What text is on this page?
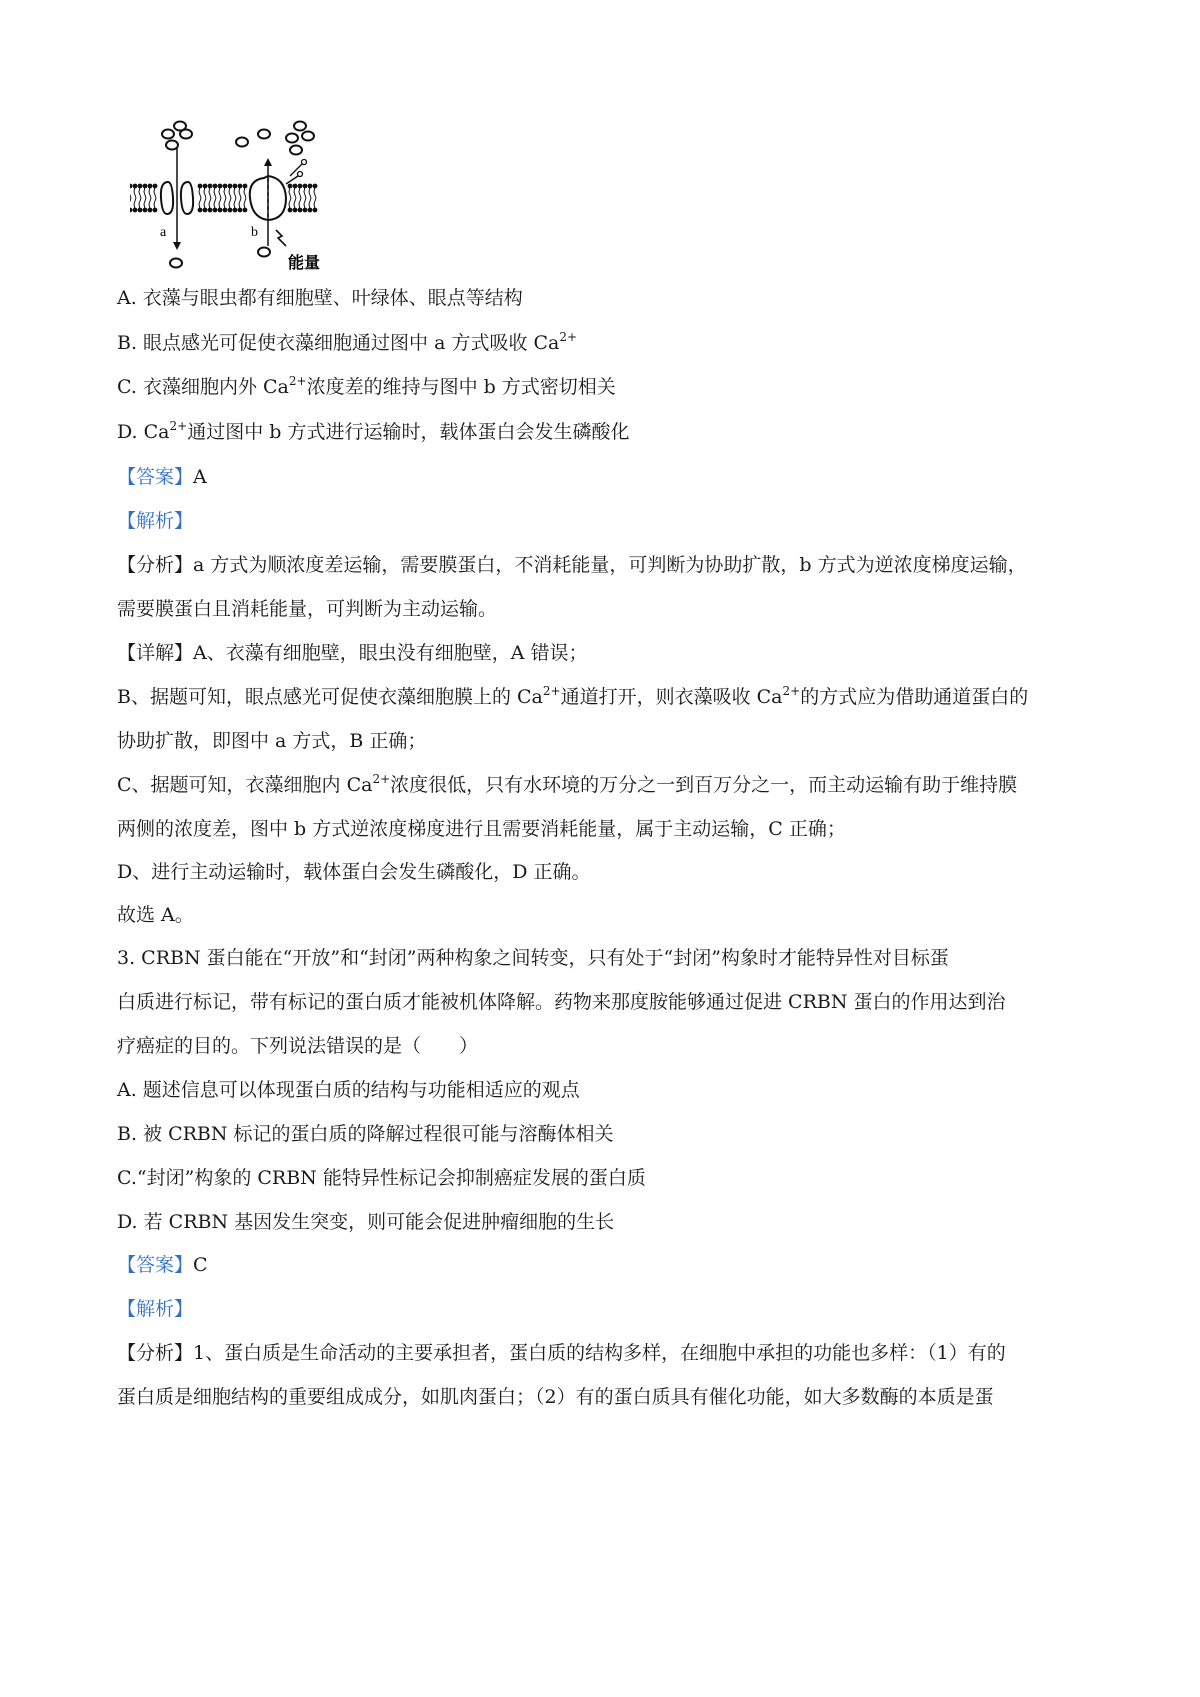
a	b
能量
A. 衣藻与眼虫都有细胞壁、叶绿体、眼点等结构
B. 眼点感光可促使衣藻细胞通过图中 a 方式吸收 $Ca^{2+}$
C. 衣藻细胞内外 $Ca^{2+}$浓度差的维持与图中 b 方式密切相关
D. $Ca^{2+}$通过图中 b 方式进行运输时，载体蛋白会发生磷酸化
【答案】A
【解析】
【分析】a 方式为顺浓度差运输，需要膜蛋白，不消耗能量，可判断为协助扩散，b 方式为逆浓度梯度运输，
需要膜蛋白且消耗能量，可判断为主动运输。
【详解】A、衣藻有细胞壁，眼虫没有细胞壁，A 错误；
B、据题可知，眼点感光可促使衣藻细胞膜上的 $Ca^{2+}$通道打开，则衣藻吸收 $Ca^{2+}$的方式应为借助通道蛋白的
协助扩散，即图中 a 方式，B 正确；
C、据题可知，衣藻细胞内 $Ca^{2+}$浓度很低，只有水环境的万分之一到百万分之一，而主动运输有助于维持膜
两侧的浓度差，图中 b 方式逆浓度梯度进行且需要消耗能量，属于主动运输，C 正确；
D、进行主动运输时，载体蛋白会发生磷酸化，D 正确。
故选 A。
3. CRBN 蛋白能在“开放”和“封闭”两种构象之间转变，只有处于“封闭”构象时才能特异性对目标蛋
白质进行标记，带有标记的蛋白质才能被机体降解。药物来那度胺能够通过促进 CRBN 蛋白的作用达到治
疗癌症的目的。下列说法错误的是（　　）
A. 题述信息可以体现蛋白质的结构与功能相适应的观点
B. 被 CRBN 标记的蛋白质的降解过程很可能与溶酶体相关
C.“封闭”构象的 CRBN 能特异性标记会抑制癌症发展的蛋白质
D. 若 CRBN 基因发生突变，则可能会促进肿瘤细胞的生长
【答案】C
【解析】
【分析】1、蛋白质是生命活动的主要承担者，蛋白质的结构多样，在细胞中承担的功能也多样：（1）有的
蛋白质是细胞结构的重要组成成分，如肌肉蛋白；（2）有的蛋白质具有催化功能，如大多数酶的本质是蛋
